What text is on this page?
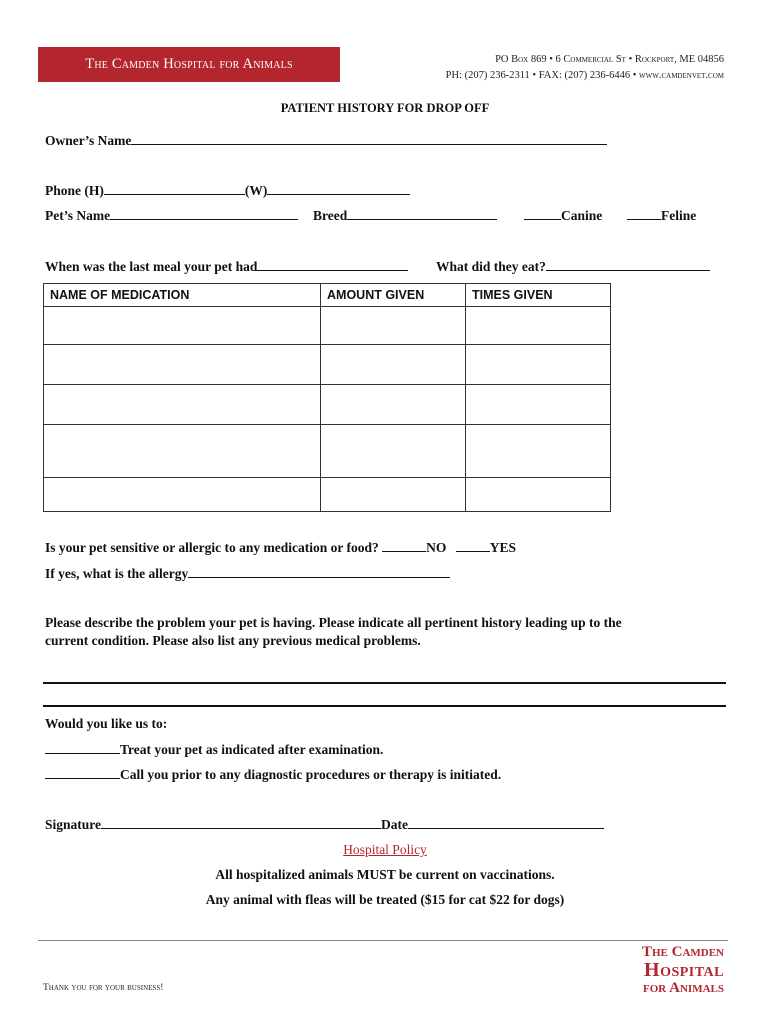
The Camden Hospital for Animals	PO Box 869 • 6 Commercial St • Rockport, ME 04856
PH: (207) 236-2311 • FAX: (207) 236-6446 • www.camdenvet.com
PATIENT HISTORY FOR DROP OFF
Owner’s Name
Phone (H)	(W)
Pet’s Name	Breed	Canine	Feline
When was the last meal your pet had	What did they eat?
NAME OF MEDICATION	AMOUNT GIVEN	TIMES GIVEN

Is your pet sensitive or allergic to any medication or food?	NO	YES
If yes, what is the allergy
Please describe the problem your pet is having. Please indicate all pertinent history leading up to the
current condition. Please also list any previous medical problems.
Would you like us to:
Treat your pet as indicated after examination.
Call you prior to any diagnostic procedures or therapy is initiated.
Signature	Date
Hospital Policy
All hospitalized animals MUST be current on vaccinations.
Any animal with fleas will be treated ($15 for cat $22 for dogs)
The Camden
Hospital
for Animals
Thank you for your business!
